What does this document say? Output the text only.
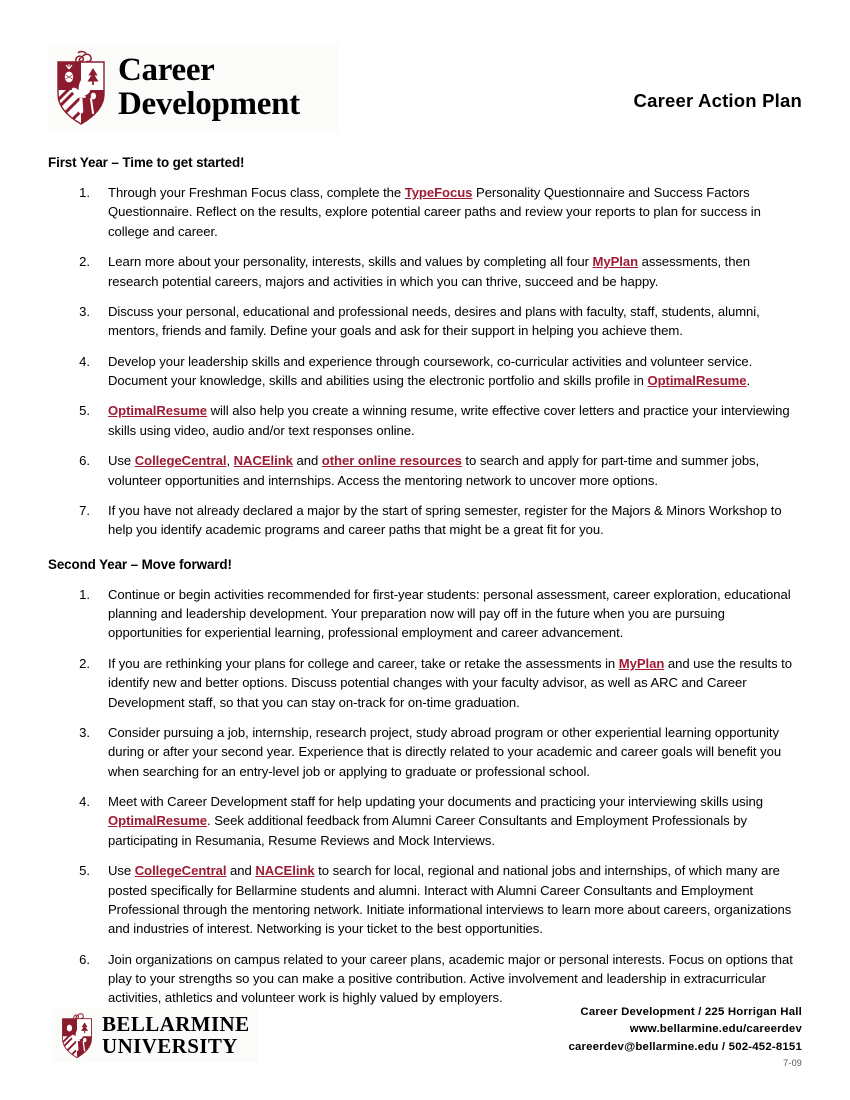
Career
Development	Career Action Plan
First Year – Time to get started!
1. Through your Freshman Focus class, complete the TypeFocus Personality Questionnaire and Success Factors Questionnaire. Reflect on the results, explore potential career paths and review your reports to plan for success in college and career.
2. Learn more about your personality, interests, skills and values by completing all four MyPlan assessments, then research potential careers, majors and activities in which you can thrive, succeed and be happy.
3. Discuss your personal, educational and professional needs, desires and plans with faculty, staff, students, alumni, mentors, friends and family. Define your goals and ask for their support in helping you achieve them.
4. Develop your leadership skills and experience through coursework, co-curricular activities and volunteer service. Document your knowledge, skills and abilities using the electronic portfolio and skills profile in OptimalResume.
5. OptimalResume will also help you create a winning resume, write effective cover letters and practice your interviewing skills using video, audio and/or text responses online.
6. Use CollegeCentral, NACElink and other online resources to search and apply for part-time and summer jobs, volunteer opportunities and internships. Access the mentoring network to uncover more options.
7. If you have not already declared a major by the start of spring semester, register for the Majors & Minors Workshop to help you identify academic programs and career paths that might be a great fit for you.
Second Year – Move forward!
1. Continue or begin activities recommended for first-year students: personal assessment, career exploration, educational planning and leadership development. Your preparation now will pay off in the future when you are pursuing opportunities for experiential learning, professional employment and career advancement.
2. If you are rethinking your plans for college and career, take or retake the assessments in MyPlan and use the results to identify new and better options. Discuss potential changes with your faculty advisor, as well as ARC and Career Development staff, so that you can stay on-track for on-time graduation.
3. Consider pursuing a job, internship, research project, study abroad program or other experiential learning opportunity during or after your second year. Experience that is directly related to your academic and career goals will benefit you when searching for an entry-level job or applying to graduate or professional school.
4. Meet with Career Development staff for help updating your documents and practicing your interviewing skills using OptimalResume. Seek additional feedback from Alumni Career Consultants and Employment Professionals by participating in Resumania, Resume Reviews and Mock Interviews.
5. Use CollegeCentral and NACElink to search for local, regional and national jobs and internships, of which many are posted specifically for Bellarmine students and alumni. Interact with Alumni Career Consultants and Employment Professional through the mentoring network. Initiate informational interviews to learn more about careers, organizations and industries of interest. Networking is your ticket to the best opportunities.
6. Join organizations on campus related to your career plans, academic major or personal interests. Focus on options that play to your strengths so you can make a positive contribution. Active involvement and leadership in extracurricular activities, athletics and volunteer work is highly valued by employers.
BELLARMINE
UNIVERSITY
Career Development / 225 Horrigan Hall
www.bellarmine.edu/careerdev
careerdev@bellarmine.edu / 502-452-8151
7-09
